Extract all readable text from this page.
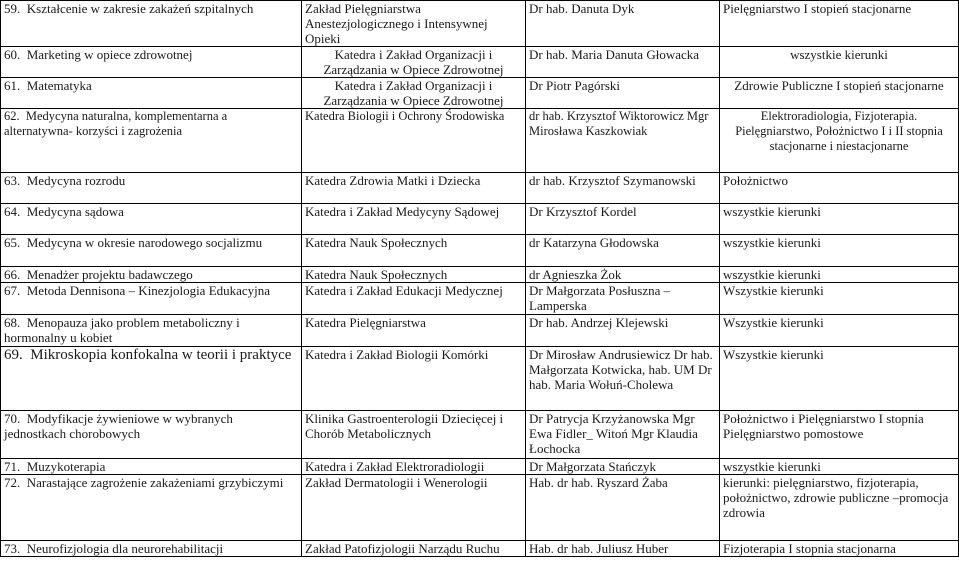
59. Kształcenie w zakresie zakażeń szpitalnych	Zakład Pielęgniarstwa Anestezjologicznego i Intensywnej Opieki	Dr hab. Danuta Dyk	Pielęgniarstwo I stopień stacjonarne
60. Marketing w opiece zdrowotnej	Katedra i Zakład Organizacji i Zarządzania w Opiece Zdrowotnej	Dr hab. Maria Danuta Głowacka	wszystkie kierunki
61. Matematyka	Katedra i Zakład Organizacji i Zarządzania w Opiece Zdrowotnej	Dr Piotr Pagórski	Zdrowie Publiczne I stopień stacjonarne
62. Medycyna naturalna, komplementarna a alternatywna- korzyści i zagrożenia	Katedra Biologii i Ochrony Środowiska	dr hab. Krzysztof Wiktorowicz Mgr Mirosława Kaszkowiak	Elektroradiologia, Fizjoterapia. Pielęgniarstwo, Położnictwo I i II stopnia stacjonarne i niestacjonarne
63. Medycyna rozrodu	Katedra Zdrowia Matki i Dziecka	dr hab. Krzysztof Szymanowski	Położnictwo
64. Medycyna sądowa	Katedra i Zakład Medycyny Sądowej	Dr Krzysztof Kordel	wszystkie kierunki
65. Medycyna w okresie narodowego socjalizmu	Katedra Nauk Społecznych	dr Katarzyna Głodowska	wszystkie kierunki
66. Menadżer projektu badawczego	Katedra Nauk Społecznych	dr Agnieszka Żok	wszystkie kierunki
67. Metoda Dennisona – Kinezjologia Edukacyjna	Katedra i Zakład Edukacji Medycznej	Dr Małgorzata Posłuszna – Lamperska	Wszystkie kierunki
68. Menopauza jako problem metaboliczny i hormonalny u kobiet	Katedra Pielęgniarstwa	Dr hab. Andrzej Klejewski	Wszystkie kierunki
69. Mikroskopia konfokalna w teorii i praktyce	Katedra i Zakład Biologii Komórki	Dr Mirosław Andrusiewicz Dr hab. Małgorzata Kotwicka, hab. UM Dr hab. Maria Wołuń-Cholewa	Wszystkie kierunki
70. Modyfikacje żywieniowe w wybranych jednostkach chorobowych	Klinika Gastroenterologii Dziecięcej i Chorób Metabolicznych	Dr Patrycja Krzyżanowska Mgr Ewa Fidler_ Witoń Mgr Klaudia Łochocka	Położnictwo i Pielęgniarstwo I stopnia Pielęgniarstwo pomostowe
71. Muzykoterapia	Katedra i Zakład Elektroradiologii	Dr Małgorzata Stańczyk	wszystkie kierunki
72. Narastające zagrożenie zakażeniami grzybiczymi	Zakład Dermatologii i Wenerologii	Hab. dr hab. Ryszard Żaba	kierunki: pielęgniarstwo, fizjoterapia, położnictwo, zdrowie publiczne –promocja zdrowia
73. Neurofizjologia dla neurorehabilitacji	Zakład Patofizjologii Narządu Ruchu	Hab. dr hab. Juliusz Huber	Fizjoterapia I stopnia stacjonarna
